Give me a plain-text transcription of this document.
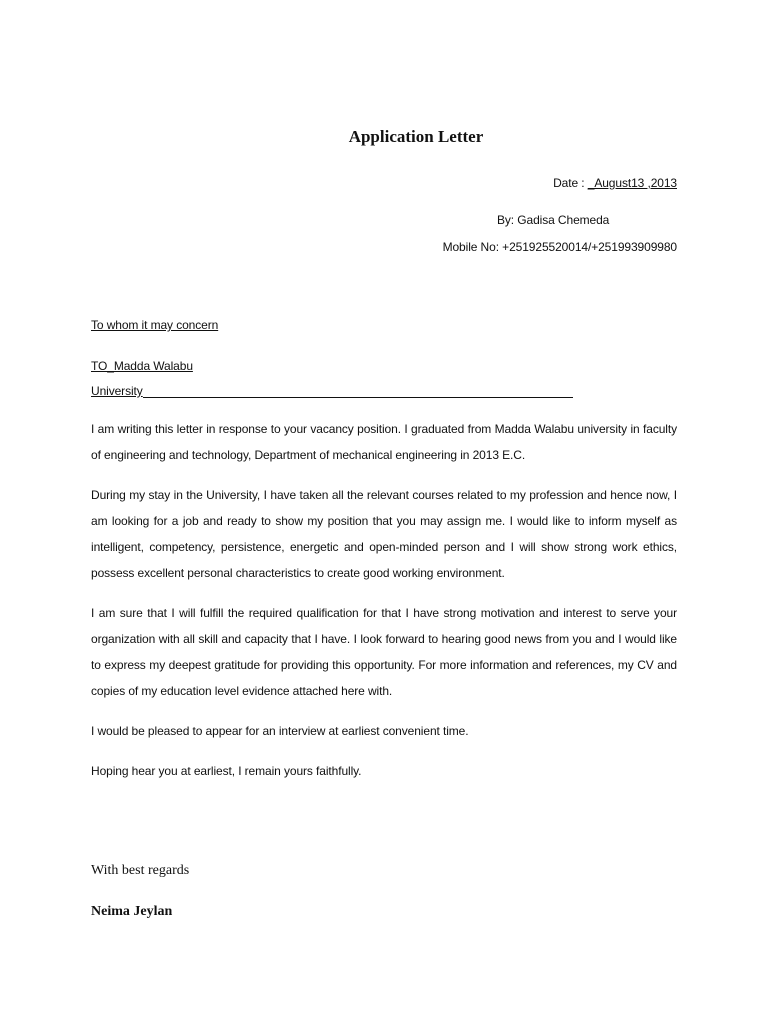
Application Letter
Date : _August13 ,2013
By: Gadisa Chemeda
Mobile No: +251925520014/+251993909980
To whom it may concern
TO_Madda Walabu
University

I am writing this letter in response to your vacancy position. I graduated from Madda Walabu university in faculty of engineering and technology, Department of mechanical engineering in 2013 E.C.

During my stay in the University, I have taken all the relevant courses related to my profession and hence now, I am looking for a job and ready to show my position that you may assign me. I would like to inform myself as intelligent, competency, persistence, energetic and open-minded person and I will show strong work ethics, possess excellent personal characteristics to create good working environment.

I am sure that I will fulfill the required qualification for that I have strong motivation and interest to serve your organization with all skill and capacity that I have. I look forward to hearing good news from you and I would like to express my deepest gratitude for providing this opportunity. For more information and references, my CV and copies of my education level evidence attached here with.

I would be pleased to appear for an interview at earliest convenient time.

Hoping hear you at earliest, I remain yours faithfully.

With best regards
Neima Jeylan
